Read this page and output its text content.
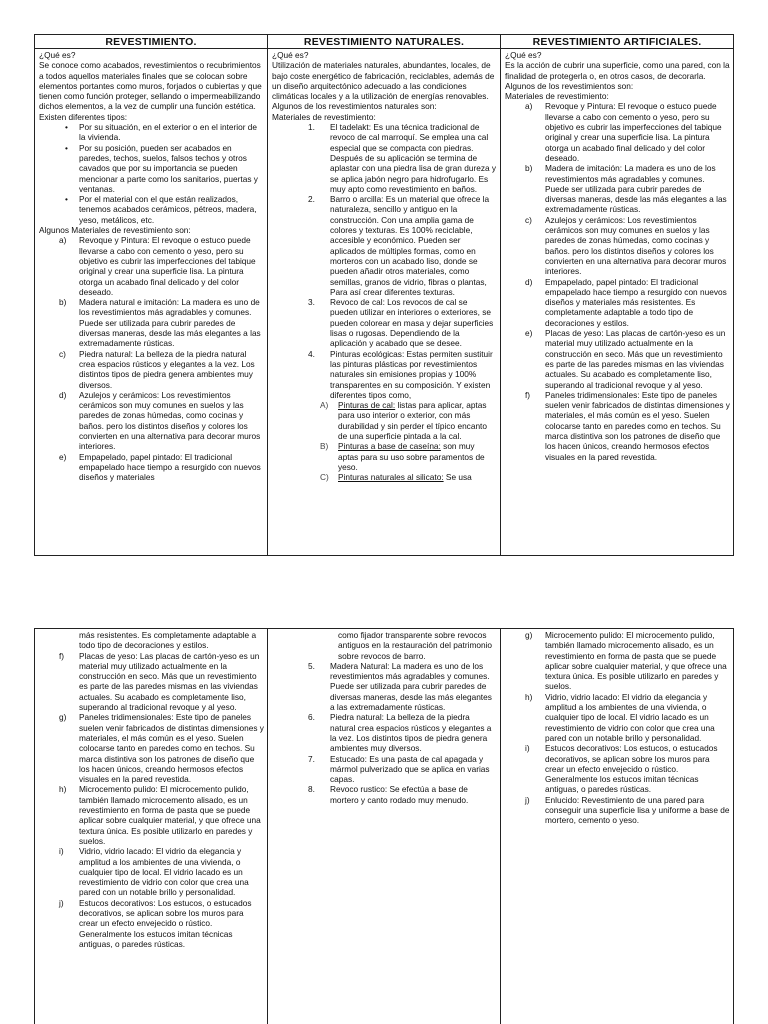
REVESTIMIENTO.

¿Qué es?

Se conoce como acabados, revestimientos o recubrimientos a todos aquellos materiales finales que se colocan sobre elementos portantes como muros, forjados o cubiertas y que tienen como función proteger, sellando o impermeabilizando dichos elementos, a la vez de cumplir una función estética.

Existen diferentes tipos:

• Por su situación, en el exterior o en el interior de la vivienda.
• Por su posición, pueden ser acabados en paredes, techos, suelos, falsos techos y otros cavados que por su importancia se pueden mencionar a parte como los sanitarios, puertas y ventanas.
• Por el material con el que están realizados, tenemos acabados cerámicos, pétreos, madera, yeso, metálicos, etc.

Algunos Materiales de revestimiento son:

a) Revoque y Pintura: El revoque o estuco puede llevarse a cabo con cemento o yeso, pero su objetivo es cubrir las imperfecciones del tabique original y crear una superficie lisa. La pintura otorga un acabado final delicado y del color deseado.
b) Madera natural e imitación: La madera es uno de los revestimientos más agradables y comunes. Puede ser utilizada para cubrir paredes de diversas maneras, desde las más elegantes a las extremadamente rústicas.
c) Piedra natural: La belleza de la piedra natural crea espacios rústicos y elegantes a la vez. Los distintos tipos de piedra genera ambientes muy diversos.
d) Azulejos y cerámicos: Los revestimientos cerámicos son muy comunes en suelos y las paredes de zonas húmedas, como cocinas y baños. pero los distintos diseños y colores los convierten en una alternativa para decorar muros interiores.
e) Empapelado, papel pintado: El tradicional empapelado hace tiempo a resurgido con nuevos diseños y materiales
REVESTIMIENTO NATURALES.

¿Qué es?

Utilización de materiales naturales, abundantes, locales, de bajo coste energético de fabricación, reciclables, además de un diseño arquitectónico adecuado a las condiciones climáticas locales y a la utilización de energías renovables. Algunos de los revestimientos naturales son:

Materiales de revestimiento:

1. El tadelakt: Es una técnica tradicional de revoco de cal marroquí. Se emplea una cal especial que se compacta con piedras. Después de su aplicación se termina de aplastar con una piedra lisa de gran dureza y se aplica jabón negro para hidrofugarlo. Es muy apto como revestimiento en baños.
2. Barro o arcilla: Es un material que ofrece la naturaleza, sencillo y antiguo en la construcción. Con una amplia gama de colores y texturas. Es 100% reciclable, accesible y económico. Pueden ser aplicados de múltiples formas, como en morteros con un acabado liso, donde se pueden añadir otros materiales, como semillas, granos de vidrio, fibras o plantas, Para así crear diferentes texturas.
3. Revoco de cal: Los revocos de cal se pueden utilizar en interiores o exteriores, se pueden colorear en masa y dejar superficies lisas o rugosas. Dependiendo de la aplicación y acabado que se desee.
4. Pinturas ecológicas: Estas permiten sustituir las pinturas plásticas por revestimientos naturales sin emisiones propias y 100% transparentes en su composición. Y existen diferentes tipos como,
A) Pinturas de cal: listas para aplicar, aptas para uso interior o exterior, con más durabilidad y sin perder el típico encanto de una superficie pintada a la cal.
B) Pinturas a base de caseína: son muy aptas para su uso sobre paramentos de yeso.
C) Pinturas naturales al silicato: Se usa
REVESTIMIENTO ARTIFICIALES.

¿Qué es?

Es la acción de cubrir una superficie, como una pared, con la finalidad de protegerla o, en otros casos, de decorarla. Algunos de los revestimientos son:

Materiales de revestimiento:

a) Revoque y Pintura: El revoque o estuco puede llevarse a cabo con cemento o yeso, pero su objetivo es cubrir las imperfecciones del tabique original y crear una superficie lisa. La pintura otorga un acabado final delicado y del color deseado.
b) Madera de imitación: La madera es uno de los revestimientos más agradables y comunes. Puede ser utilizada para cubrir paredes de diversas maneras, desde las más elegantes a las extremadamente rústicas.
c) Azulejos y cerámicos: Los revestimientos cerámicos son muy comunes en suelos y las paredes de zonas húmedas, como cocinas y baños. pero los distintos diseños y colores los convierten en una alternativa para decorar muros interiores.
d) Empapelado, papel pintado: El tradicional empapelado hace tiempo a resurgido con nuevos diseños y materiales más resistentes. Es completamente adaptable a todo tipo de decoraciones y estilos.
e) Placas de yeso: Las placas de cartón-yeso es un material muy utilizado actualmente en la construcción en seco. Más que un revestimiento es parte de las paredes mismas en las viviendas actuales. Su acabado es completamente liso, superando al tradicional revoque y al yeso.
f) Paneles tridimensionales: Este tipo de paneles suelen venir fabricados de distintas dimensiones y materiales, el más común es el yeso. Suelen colocarse tanto en paredes como en techos. Su marca distintiva son los patrones de diseño que los hacen únicos, creando hermosos efectos visuales en la pared revestida.

más resistentes. Es completamente adaptable a todo tipo de decoraciones y estilos.

f) Placas de yeso: Las placas de cartón-yeso es un material muy utilizado actualmente en la construcción en seco. Más que un revestimiento es parte de las paredes mismas en las viviendas actuales. Su acabado es completamente liso, superando al tradicional revoque y al yeso.
g) Paneles tridimensionales: Este tipo de paneles suelen venir fabricados de distintas dimensiones y materiales, el más común es el yeso. Suelen colocarse tanto en paredes como en techos. Su marca distintiva son los patrones de diseño que los hacen únicos, creando hermosos efectos visuales en la pared revestida.
h) Microcemento pulido: El microcemento pulido, también llamado microcemento alisado, es un revestimiento en forma de pasta que se puede aplicar sobre cualquier material, y que ofrece una textura única. Es posible utilizarlo en paredes y suelos.
i) Vidrio, vidrio lacado: El vidrio da elegancia y amplitud a los ambientes de una vivienda, o cualquier tipo de local. El vidrio lacado es un revestimiento de vidrio con color que crea una pared con un notable brillo y personalidad.
j) Estucos decorativos: Los estucos, o estucados decorativos, se aplican sobre los muros para crear un efecto envejecido o rústico. Generalmente los estucos imitan técnicas antiguas, o paredes rústicas.

como fijador transparente sobre revocos antiguos en la restauración del patrimonio sobre revocos de barro.

5. Madera Natural: La madera es uno de los revestimientos más agradables y comunes. Puede ser utilizada para cubrir paredes de diversas maneras, desde las más elegantes a las extremadamente rústicas.
6. Piedra natural: La belleza de la piedra natural crea espacios rústicos y elegantes a la vez. Los distintos tipos de piedra genera ambientes muy diversos.
7. Estucado: Es una pasta de cal apagada y mármol pulverizado que se aplica en varias capas.
8. Revoco rustico: Se efectúa a base de mortero y canto rodado muy menudo.
g) Microcemento pulido: El microcemento pulido, también llamado microcemento alisado, es un revestimiento en forma de pasta que se puede aplicar sobre cualquier material, y que ofrece una textura única. Es posible utilizarlo en paredes y suelos.
h) Vidrio, vidrio lacado: El vidrio da elegancia y amplitud a los ambientes de una vivienda, o cualquier tipo de local. El vidrio lacado es un revestimiento de vidrio con color que crea una pared con un notable brillo y personalidad.
i) Estucos decorativos: Los estucos, o estucados decorativos, se aplican sobre los muros para crear un efecto envejecido o rústico. Generalmente los estucos imitan técnicas antiguas, o paredes rústicas.
j) Enlucido: Revestimiento de una pared para conseguir una superficie lisa y uniforme a base de mortero, cemento o yeso.
